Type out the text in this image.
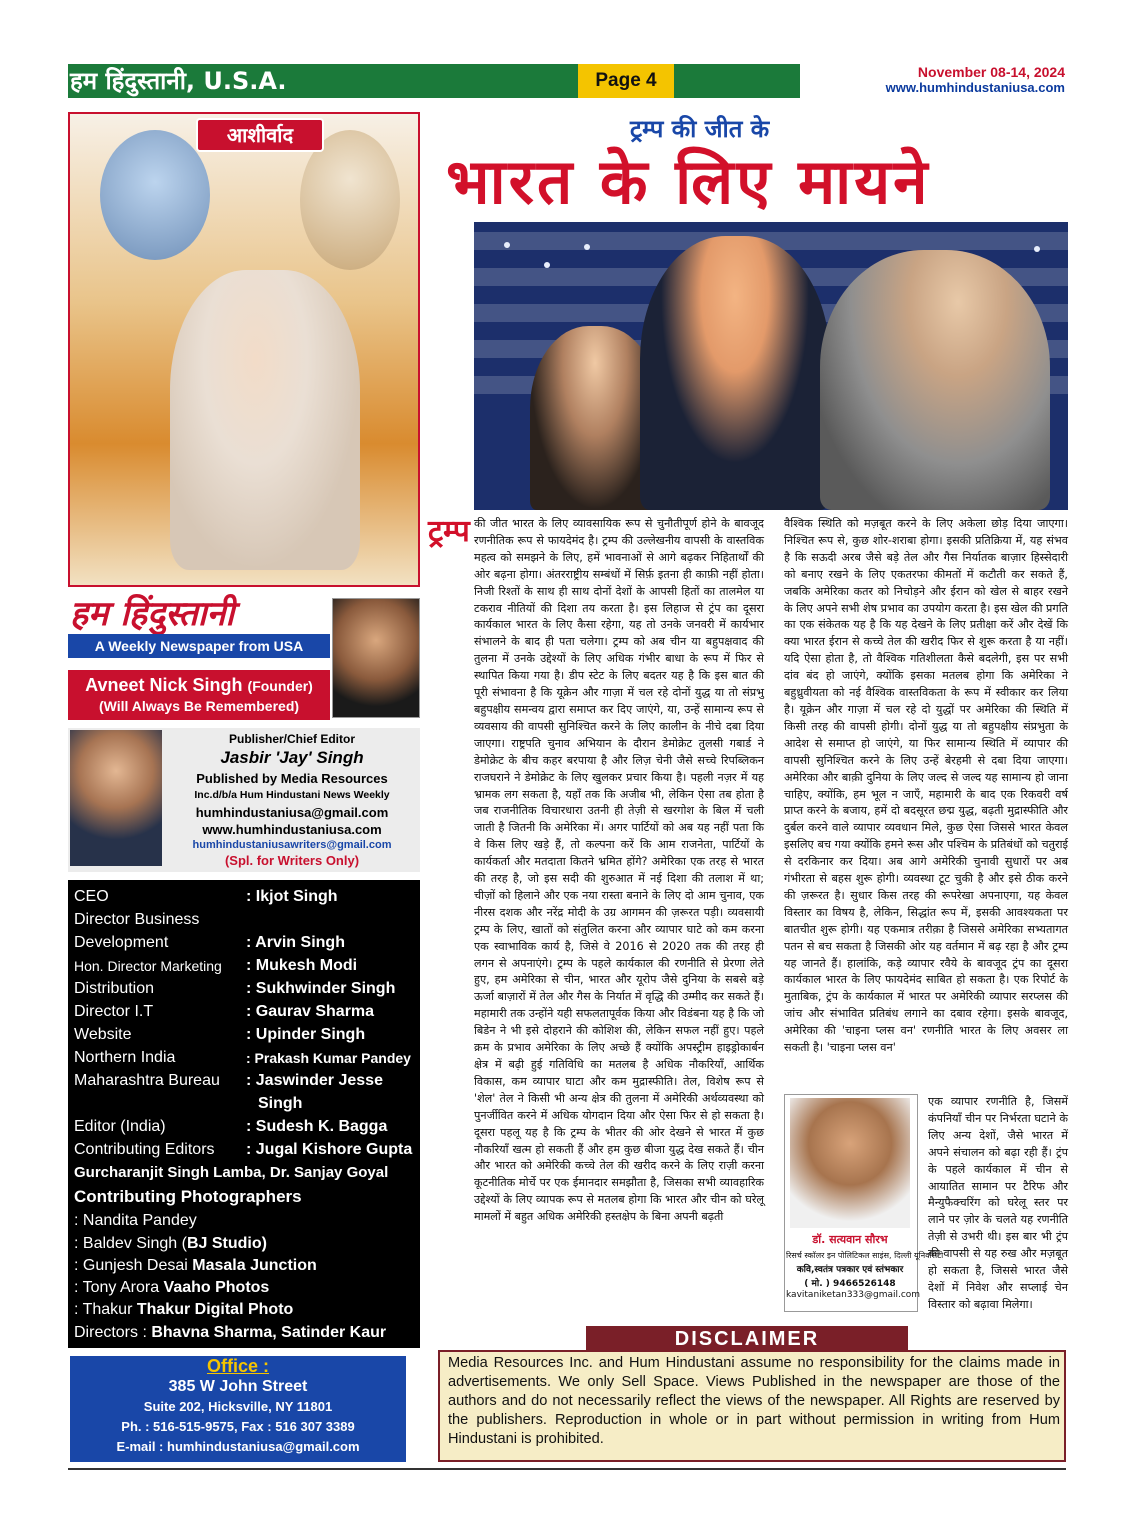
हम हिंदुस्तानी, U.S.A.	Page 4	November 08-14, 2024
www.humhindustaniusa.com
आशीर्वाद
हम हिंदुस्तानी
A Weekly Newspaper from USA
Avneet Nick Singh (Founder)
(Will Always Be Remembered)
Publisher/Chief Editor
Jasbir 'Jay' Singh
Published by Media Resources
Inc.d/b/a Hum Hindustani News Weekly
humhindustaniusa@gmail.com
www.humhindustaniusa.com
humhindustaniusawriters@gmail.com
(Spl. for Writers Only)
CEO	: Ikjot Singh
Director Business
Development	: Arvin Singh
Hon. Director Marketing : Mukesh Modi
Distribution	: Sukhwinder Singh
Director I.T	: Gaurav Sharma
Website	: Upinder Singh
Northern India	: Prakash Kumar Pandey
Maharashtra Bureau : Jaswinder Jesse
Singh
Editor (India)	: Sudesh K. Bagga
Contributing Editors : Jugal Kishore Gupta
Gurcharanjit Singh Lamba, Dr. Sanjay Goyal
Contributing Photographers
: Nandita Pandey
: Baldev Singh (BJ Studio)
: Gunjesh Desai Masala Junction
: Tony Arora Vaaho Photos
: Thakur Thakur Digital Photo
Directors : Bhavna Sharma, Satinder Kaur
Office :
385 W John Street
Suite 202, Hicksville, NY 11801
Ph. : 516-515-9575, Fax : 516 307 3389
E-mail : humhindustaniusa@gmail.com
ट्रम्प की जीत के
भारत के लिए मायने
ट्रम्प की जीत भारत के लिए व्यावसायिक रूप से चुनौतीपूर्ण होने के बावजूद रणनीतिक रूप से फायदेमंद है। ट्रम्प की उल्लेखनीय वापसी के वास्तविक महत्व को समझने के लिए, हमें भावनाओं से आगे बढ़कर निहितार्थों की ओर बढ़ना होगा। अंतरराष्ट्रीय सम्बंधों में सिर्फ़ इतना ही काफ़ी नहीं होता। निजी रिश्तों के साथ ही साथ दोनों देशों के आपसी हितों का तालमेल या टकराव नीतियों की दिशा तय करता है। इस लिहाज से ट्रंप का दूसरा कार्यकाल भारत के लिए कैसा रहेगा, यह तो उनके जनवरी में कार्यभार संभालने के बाद ही पता चलेगा। ट्रम्प को अब चीन या बहुपक्षवाद की तुलना में उनके उद्देश्यों के लिए अधिक गंभीर बाधा के रूप में फिर से स्थापित किया गया है। डीप स्टेट के लिए बदतर यह है कि इस बात की पूरी संभावना है कि यूक्रेन और गाज़ा में चल रहे दोनों युद्ध या तो संप्रभु बहुपक्षीय समन्वय द्वारा समाप्त कर दिए जाएंगे, या, उन्हें सामान्य रूप से व्यवसाय की वापसी सुनिश्चित करने के लिए कालीन के नीचे दबा दिया जाएगा। राष्ट्रपति चुनाव अभियान के दौरान डेमोक्रेट तुलसी गबार्ड ने डेमोक्रेट के बीच कहर बरपाया है और लिज़ चेनी जैसे सच्चे रिपब्लिकन राजघराने ने डेमोक्रेट के लिए खुलकर प्रचार किया है। पहली नज़र में यह भ्रामक लग सकता है, यहाँ तक कि अजीब भी, लेकिन ऐसा तब होता है जब राजनीतिक विचारधारा उतनी ही तेज़ी से खरगोश के बिल में चली जाती है जितनी कि अमेरिका में। अगर पार्टियों को अब यह नहीं पता कि वे किस लिए खड़े हैं, तो कल्पना करें कि आम राजनेता, पार्टियों के कार्यकर्ता और मतदाता कितने भ्रमित होंगे? अमेरिका एक तरह से भारत की तरह है, जो इस सदी की शुरुआत में नई दिशा की तलाश में था; चीज़ों को हिलाने और एक नया रास्ता बनाने के लिए दो आम चुनाव, एक नीरस दशक और नरेंद्र मोदी के उग्र आगमन की ज़रूरत पड़ी। व्यवसायी ट्रम्प के लिए, खातों को संतुलित करना और व्यापार घाटे को कम करना एक स्वाभाविक कार्य है, जिसे वे 2016 से 2020 तक की तरह ही लगन से अपनाएंगे। ट्रम्प के पहले कार्यकाल की रणनीति से प्रेरणा लेते हुए, हम अमेरिका से चीन, भारत और यूरोप जैसे दुनिया के सबसे बड़े ऊर्जा बाज़ारों में तेल और गैस के निर्यात में वृद्धि की उम्मीद कर सकते हैं। महामारी तक उन्होंने यही सफलतापूर्वक किया और विडंबना यह है कि जो बिडेन ने भी इसे दोहराने की कोशिश की, लेकिन सफल नहीं हुए। पहले क्रम के प्रभाव अमेरिका के लिए अच्छे हैं क्योंकि अपस्ट्रीम हाइड्रोकार्बन क्षेत्र में बढ़ी हुई गतिविधि का मतलब है अधिक नौकरियाँ, आर्थिक विकास, कम व्यापार घाटा और कम मुद्रास्फीति। तेल, विशेष रूप से 'शेल' तेल ने किसी भी अन्य क्षेत्र की तुलना में अमेरिकी अर्थव्यवस्था को पुनर्जीवित करने में अधिक योगदान दिया और ऐसा फिर से हो सकता है। दूसरा पहलू यह है कि ट्रम्प के भीतर की ओर देखने से भारत में कुछ नौकरियाँ खत्म हो सकती हैं और हम कुछ बीजा युद्ध देख सकते हैं। चीन और भारत को अमेरिकी कच्चे तेल की खरीद करने के लिए राज़ी करना कूटनीतिक मोर्चे पर एक ईमानदार समझौता है, जिसका सभी व्यावहारिक उद्देश्यों के लिए व्यापक रूप से मतलब होगा कि भारत और चीन को घरेलू मामलों में बहुत अधिक अमेरिकी हस्तक्षेप के बिना अपनी बढ़ती
वैश्विक स्थिति को मज़बूत करने के लिए अकेला छोड़ दिया जाएगा। निश्चित रूप से, कुछ शोर-शराबा होगा। इसकी प्रतिक्रिया में, यह संभव है कि सऊदी अरब जैसे बड़े तेल और गैस निर्यातक बाज़ार हिस्सेदारी को बनाए रखने के लिए एकतरफा कीमतों में कटौती कर सकते हैं, जबकि अमेरिका कतर को निचोड़ने और ईरान को खेल से बाहर रखने के लिए अपने सभी शेष प्रभाव का उपयोग करता है। इस खेल की प्रगति का एक संकेतक यह है कि यह देखने के लिए प्रतीक्षा करें और देखें कि क्या भारत ईरान से कच्चे तेल की खरीद फिर से शुरू करता है या नहीं। यदि ऐसा होता है, तो वैश्विक गतिशीलता कैसे बदलेगी, इस पर सभी दांव बंद हो जाएंगे, क्योंकि इसका मतलब होगा कि अमेरिका ने बहुध्रुवीयता को नई वैश्विक वास्तविकता के रूप में स्वीकार कर लिया है। यूक्रेन और गाज़ा में चल रहे दो युद्धों पर अमेरिका की स्थिति में किसी तरह की वापसी होगी। दोनों युद्ध या तो बहुपक्षीय संप्रभुता के आदेश से समाप्त हो जाएंगे, या फिर सामान्य स्थिति में व्यापार की वापसी सुनिश्चित करने के लिए उन्हें बेरहमी से दबा दिया जाएगा। अमेरिका और बाक़ी दुनिया के लिए जल्द से जल्द यह सामान्य हो जाना चाहिए, क्योंकि, हम भूल न जाएँ, महामारी के बाद एक रिकवरी वर्ष प्राप्त करने के बजाय, हमें दो बदसूरत छद्म युद्ध, बढ़ती मुद्रास्फीति और दुर्बल करने वाले व्यापार व्यवधान मिले, कुछ ऐसा जिससे भारत केवल इसलिए बच गया क्योंकि हमने रूस और पश्चिम के प्रतिबंधों को चतुराई से दरकिनार कर दिया। अब आगे अमेरिकी चुनावी सुधारों पर अब गंभीरता से बहस शुरू होगी। व्यवस्था टूट चुकी है और इसे ठीक करने की ज़रूरत है। सुधार किस तरह की रूपरेखा अपनाएगा, यह केवल विस्तार का विषय है, लेकिन, सिद्धांत रूप में, इसकी आवश्यकता पर बातचीत शुरू होगी। यह एकमात्र तरीक़ा है जिससे अमेरिका सभ्यतागत पतन से बच सकता है जिसकी ओर यह वर्तमान में बढ़ रहा है और ट्रम्प यह जानते हैं। हालांकि, कड़े व्यापार रवैये के बावजूद ट्रंप का दूसरा कार्यकाल भारत के लिए फायदेमंद साबित हो सकता है। एक रिपोर्ट के मुताबिक, ट्रंप के कार्यकाल में भारत पर अमेरिकी व्यापार सरप्लस की जांच और संभावित प्रतिबंध लगाने का दबाव रहेगा। इसके बावजूद, अमेरिका की 'चाइना प्लस वन' रणनीति भारत के लिए अवसर ला सकती है। 'चाइना प्लस वन'
डॉ. सत्यवान सौरभ
रिसर्च स्कॉलर इन पोलिटिकल साइंस, दिल्ली यूनिवर्सिटी
कवि,स्वतंत्र पत्रकार एवं स्तंभकार
( मो. ) 9466526148
kavitaniketan333@gmail.com
एक व्यापार रणनीति है, जिसमें कंपनियाँ चीन पर निर्भरता घटाने के लिए अन्य देशों, जैसे भारत में अपने संचालन को बढ़ा रही हैं। ट्रंप के पहले कार्यकाल में चीन से आयातित सामान पर टैरिफ और मैन्युफैक्चरिंग को घरेलू स्तर पर लाने पर ज़ोर के चलते यह रणनीति तेज़ी से उभरी थी। इस बार भी ट्रंप की वापसी से यह रुख और मज़बूत हो सकता है, जिससे भारत जैसे देशों में निवेश और सप्लाई चेन विस्तार को बढ़ावा मिलेगा।
DISCLAIMER
Media Resources Inc. and Hum Hindustani assume no responsibility for the claims made in advertisements. We only Sell Space. Views Published in the newspaper are those of the authors and do not necessarily reflect the views of the newspaper. All Rights are reserved by the publishers. Reproduction in whole or in part without permission in writing from Hum Hindustani is prohibited.
